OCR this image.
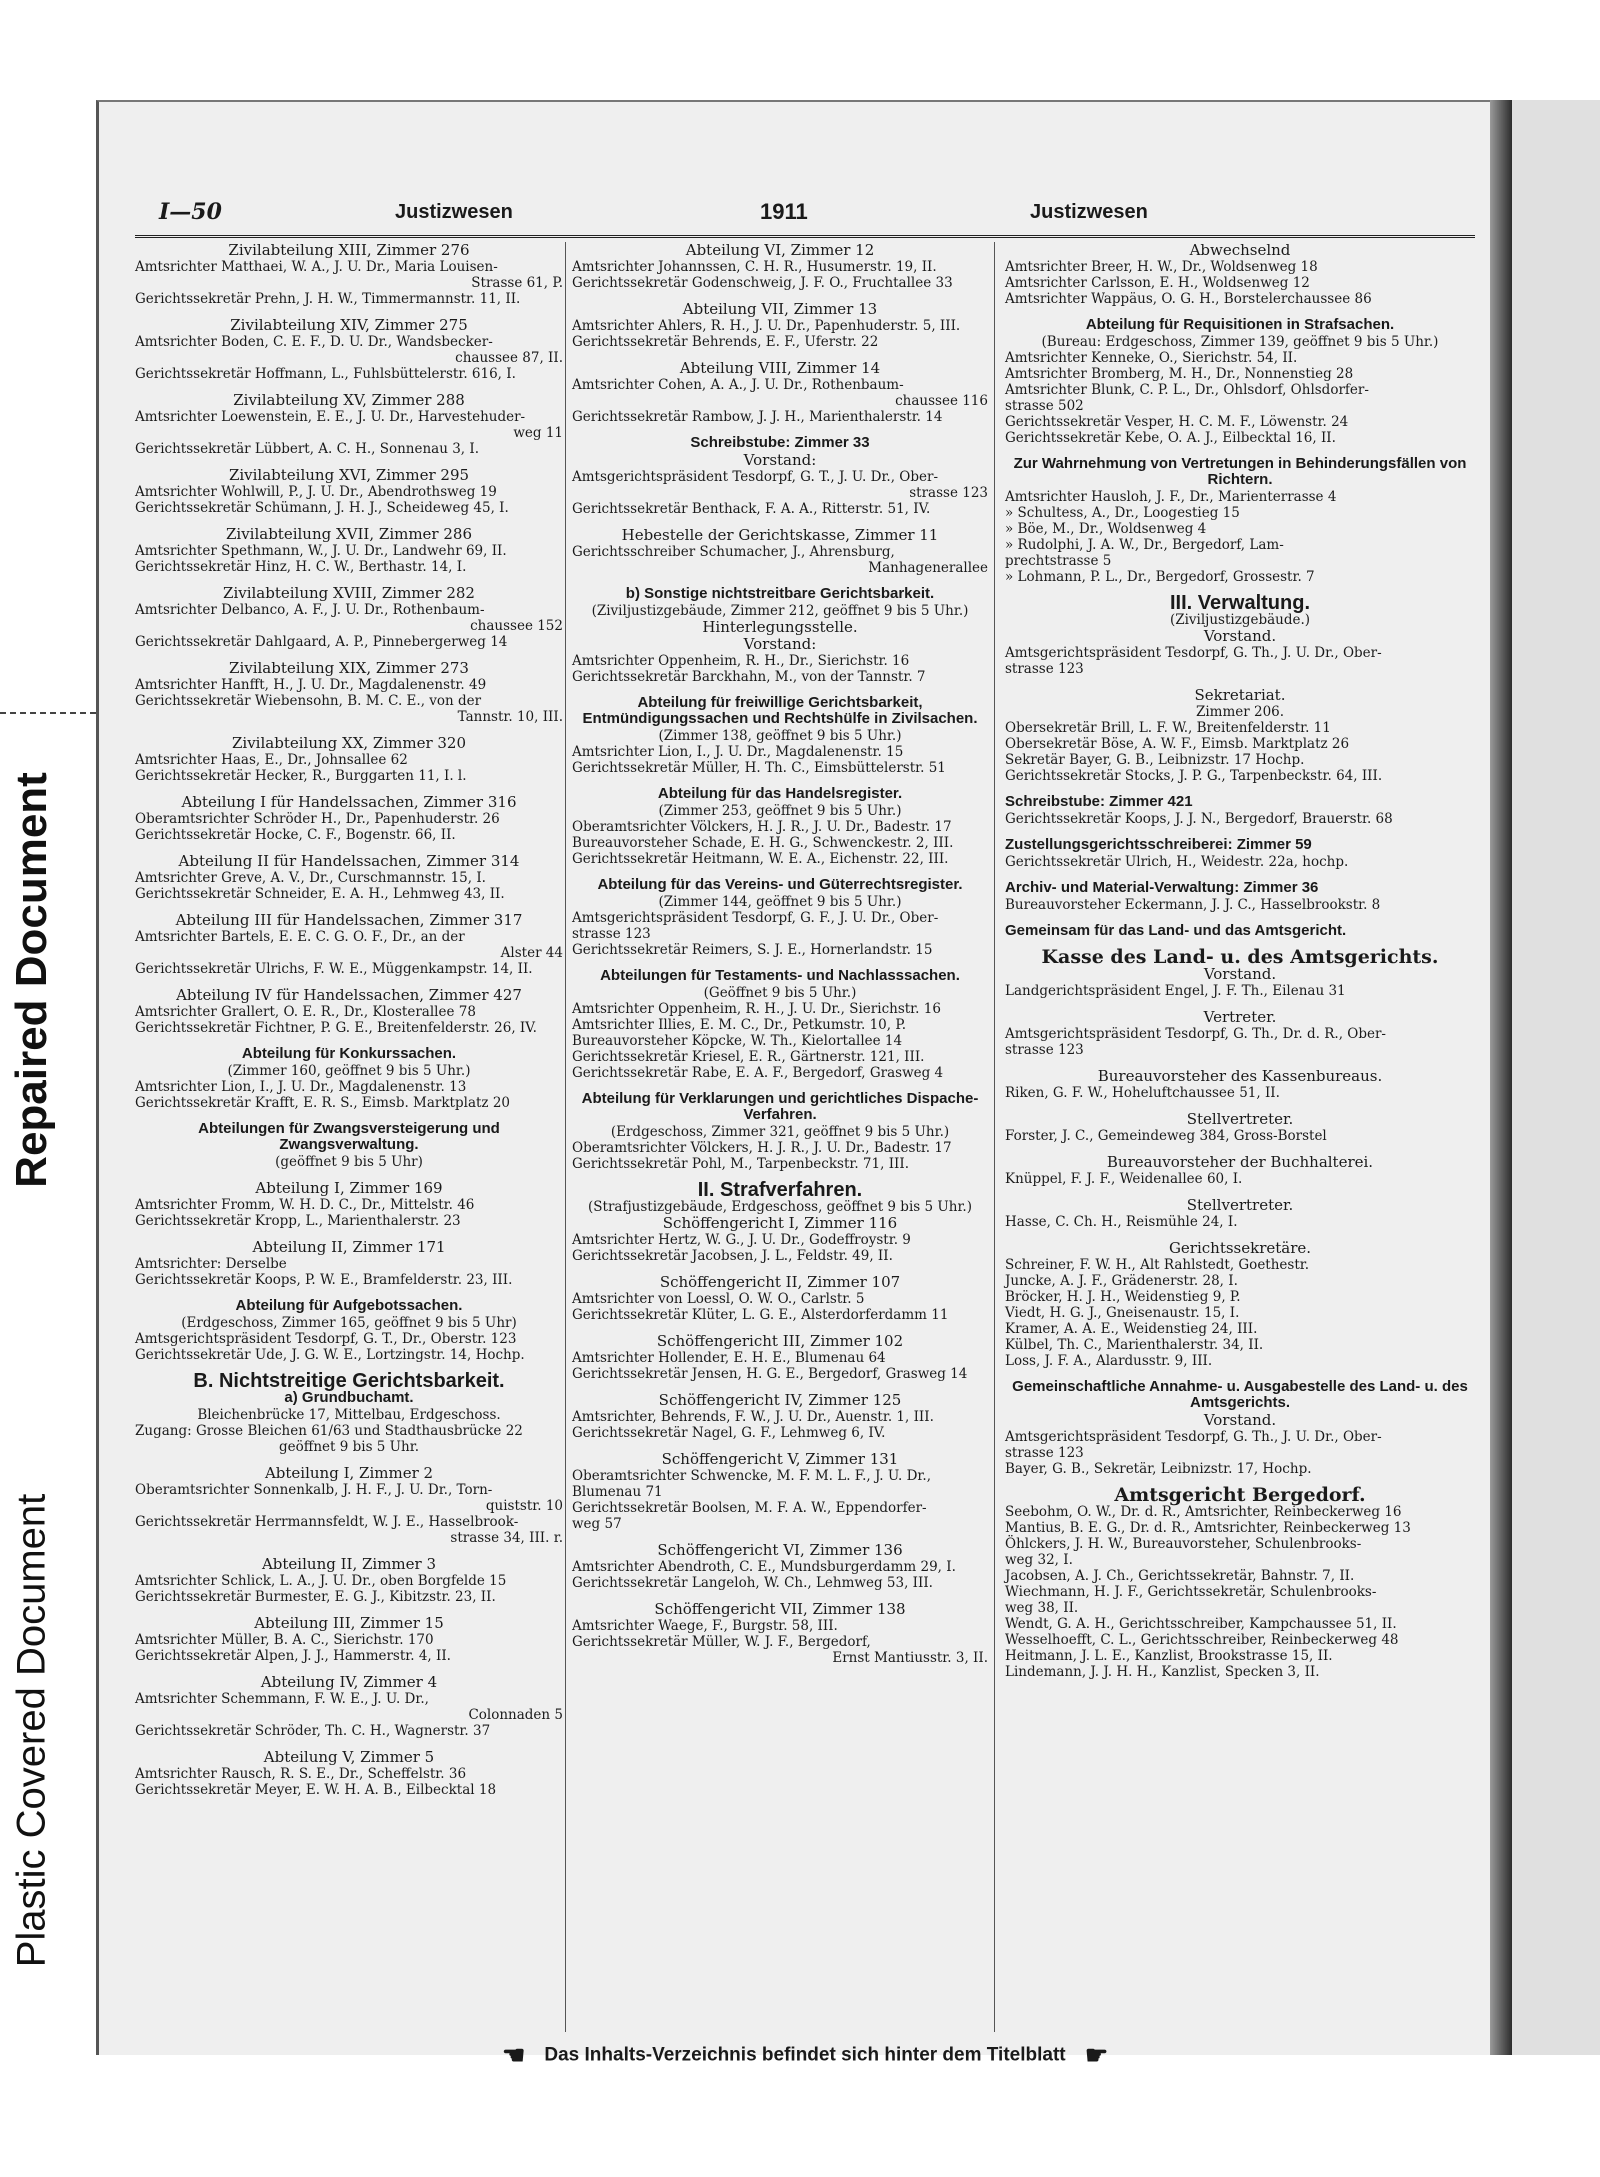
Repaired Document
Plastic Covered Document
I—50	Justizwesen	1911	Justizwesen
Zivilabteilung XIII, Zimmer 276
Amtsrichter Matthaei, W. A., J. U. Dr., Maria Louisen-
Strasse 61, P.
Gerichtssekretär Prehn, J. H. W., Timmermannstr. 11, II.
Zivilabteilung XIV, Zimmer 275
Amtsrichter Boden, C. E. F., D. U. Dr., Wandsbecker-
chaussee 87, II.
Gerichtssekretär Hoffmann, L., Fuhlsbüttelerstr. 616, I.
Zivilabteilung XV, Zimmer 288
Amtsrichter Loewenstein, E. E., J. U. Dr., Harvestehuder-
weg 11
Gerichtssekretär Lübbert, A. C. H., Sonnenau 3, I.
Zivilabteilung XVI, Zimmer 295
Amtsrichter Wohlwill, P., J. U. Dr., Abendrothsweg 19
Gerichtssekretär Schümann, J. H. J., Scheideweg 45, I.
Zivilabteilung XVII, Zimmer 286
Amtsrichter Spethmann, W., J. U. Dr., Landwehr 69, II.
Gerichtssekretär Hinz, H. C. W., Berthastr. 14, I.
Zivilabteilung XVIII, Zimmer 282
Amtsrichter Delbanco, A. F., J. U. Dr., Rothenbaum-
chaussee 152
Gerichtssekretär Dahlgaard, A. P., Pinnebergerweg 14
Zivilabteilung XIX, Zimmer 273
Amtsrichter Hanfft, H., J. U. Dr., Magdalenenstr. 49
Gerichtssekretär Wiebensohn, B. M. C. E., von der
Tannstr. 10, III.
Zivilabteilung XX, Zimmer 320
Amtsrichter Haas, E., Dr., Johnsallee 62
Gerichtssekretär Hecker, R., Burggarten 11, I. l.
Abteilung I für Handelssachen, Zimmer 316
Oberamtsrichter Schröder H., Dr., Papenhuderstr. 26
Gerichtssekretär Hocke, C. F., Bogenstr. 66, II.
Abteilung II für Handelssachen, Zimmer 314
Amtsrichter Greve, A. V., Dr., Curschmannstr. 15, I.
Gerichtssekretär Schneider, E. A. H., Lehmweg 43, II.
Abteilung III für Handelssachen, Zimmer 317
Amtsrichter Bartels, E. E. C. G. O. F., Dr., an der
Alster 44
Gerichtssekretär Ulrichs, F. W. E., Müggenkampstr. 14, II.
Abteilung IV für Handelssachen, Zimmer 427
Amtsrichter Grallert, O. E. R., Dr., Klosterallee 78
Gerichtssekretär Fichtner, P. G. E., Breitenfelderstr. 26, IV.
Abteilung für Konkurssachen.
(Zimmer 160, geöffnet 9 bis 5 Uhr.)
Amtsrichter Lion, I., J. U. Dr., Magdalenenstr. 13
Gerichtssekretär Krafft, E. R. S., Eimsb. Marktplatz 20
Abteilungen für Zwangsversteigerung und Zwangsverwaltung.
(geöffnet 9 bis 5 Uhr)
Abteilung I, Zimmer 169
Amtsrichter Fromm, W. H. D. C., Dr., Mittelstr. 46
Gerichtssekretär Kropp, L., Marienthalerstr. 23
Abteilung II, Zimmer 171
Amtsrichter: Derselbe
Gerichtssekretär Koops, P. W. E., Bramfelderstr. 23, III.
Abteilung für Aufgebotssachen.
(Erdgeschoss, Zimmer 165, geöffnet 9 bis 5 Uhr)
Amtsgerichtspräsident Tesdorpf, G. T., Dr., Oberstr. 123
Gerichtssekretär Ude, J. G. W. E., Lortzingstr. 14, Hochp.
B. Nichtstreitige Gerichtsbarkeit.
a) Grundbuchamt.
Bleichenbrücke 17, Mittelbau, Erdgeschoss.
Zugang: Grosse Bleichen 61/63 und Stadthausbrücke 22
geöffnet 9 bis 5 Uhr.
Abteilung I, Zimmer 2
Oberamtsrichter Sonnenkalb, J. H. F., J. U. Dr., Torn-
quiststr. 10
Gerichtssekretär Herrmannsfeldt, W. J. E., Hasselbrook-
strasse 34, III. r.
Abteilung II, Zimmer 3
Amtsrichter Schlick, L. A., J. U. Dr., oben Borgfelde 15
Gerichtssekretär Burmester, E. G. J., Kibitzstr. 23, II.
Abteilung III, Zimmer 15
Amtsrichter Müller, B. A. C., Sierichstr. 170
Gerichtssekretär Alpen, J. J., Hammerstr. 4, II.
Abteilung IV, Zimmer 4
Amtsrichter Schemmann, F. W. E., J. U. Dr.,
Colonnaden 5
Gerichtssekretär Schröder, Th. C. H., Wagnerstr. 37
Abteilung V, Zimmer 5
Amtsrichter Rausch, R. S. E., Dr., Scheffelstr. 36
Gerichtssekretär Meyer, E. W. H. A. B., Eilbecktal 18
Abteilung VI, Zimmer 12
Amtsrichter Johannssen, C. H. R., Husumerstr. 19, II.
Gerichtssekretär Godenschweig, J. F. O., Fruchtallee 33
Abteilung VII, Zimmer 13
Amtsrichter Ahlers, R. H., J. U. Dr., Papenhuderstr. 5, III.
Gerichtssekretär Behrends, E. F., Uferstr. 22
Abteilung VIII, Zimmer 14
Amtsrichter Cohen, A. A., J. U. Dr., Rothenbaum-
chaussee 116
Gerichtssekretär Rambow, J. J. H., Marienthalerstr. 14
Schreibstube: Zimmer 33
Vorstand:
Amtsgerichtspräsident Tesdorpf, G. T., J. U. Dr., Ober-
strasse 123
Gerichtssekretär Benthack, F. A. A., Ritterstr. 51, IV.
Hebestelle der Gerichtskasse, Zimmer 11
Gerichtsschreiber Schumacher, J., Ahrensburg,
Manhagenerallee
b) Sonstige nichtstreitbare Gerichtsbarkeit.
(Ziviljustizgebäude, Zimmer 212, geöffnet 9 bis 5 Uhr.)
Hinterlegungsstelle.
Vorstand:
Amtsrichter Oppenheim, R. H., Dr., Sierichstr. 16
Gerichtssekretär Barckhahn, M., von der Tannstr. 7
Abteilung für freiwillige Gerichtsbarkeit, Entmündigungssachen und Rechtshülfe in Zivilsachen.
(Zimmer 138, geöffnet 9 bis 5 Uhr.)
Amtsrichter Lion, I., J. U. Dr., Magdalenenstr. 15
Gerichtssekretär Müller, H. Th. C., Eimsbüttelerstr. 51
Abteilung für das Handelsregister.
(Zimmer 253, geöffnet 9 bis 5 Uhr.)
Oberamtsrichter Völckers, H. J. R., J. U. Dr., Badestr. 17
Bureauvorsteher Schade, E. H. G., Schwenckestr. 2, III.
Gerichtssekretär Heitmann, W. E. A., Eichenstr. 22, III.
Abteilung für das Vereins- und Güterrechtsregister.
(Zimmer 144, geöffnet 9 bis 5 Uhr.)
Amtsgerichtspräsident Tesdorpf, G. F., J. U. Dr., Ober-
strasse 123
Gerichtssekretär Reimers, S. J. E., Hornerlandstr. 15
Abteilungen für Testaments- und Nachlasssachen.
(Geöffnet 9 bis 5 Uhr.)
Amtsrichter Oppenheim, R. H., J. U. Dr., Sierichstr. 16
Amtsrichter Illies, E. M. C., Dr., Petkumstr. 10, P.
Bureauvorsteher Köpcke, W. Th., Kielortallee 14
Gerichtssekretär Kriesel, E. R., Gärtnerstr. 121, III.
Gerichtssekretär Rabe, E. A. F., Bergedorf, Grasweg 4
Abteilung für Verklarungen und gerichtliches Dispache-Verfahren.
(Erdgeschoss, Zimmer 321, geöffnet 9 bis 5 Uhr.)
Oberamtsrichter Völckers, H. J. R., J. U. Dr., Badestr. 17
Gerichtssekretär Pohl, M., Tarpenbeckstr. 71, III.
II. Strafverfahren.
(Strafjustizgebäude, Erdgeschoss, geöffnet 9 bis 5 Uhr.)
Schöffengericht I, Zimmer 116
Amtsrichter Hertz, W. G., J. U. Dr., Godeffroystr. 9
Gerichtssekretär Jacobsen, J. L., Feldstr. 49, II.
Schöffengericht II, Zimmer 107
Amtsrichter von Loessl, O. W. O., Carlstr. 5
Gerichtssekretär Klüter, L. G. E., Alsterdorferdamm 11
Schöffengericht III, Zimmer 102
Amtsrichter Hollender, E. H. E., Blumenau 64
Gerichtssekretär Jensen, H. G. E., Bergedorf, Grasweg 14
Schöffengericht IV, Zimmer 125
Amtsrichter, Behrends, F. W., J. U. Dr., Auenstr. 1, III.
Gerichtssekretär Nagel, G. F., Lehmweg 6, IV.
Schöffengericht V, Zimmer 131
Oberamtsrichter Schwencke, M. F. M. L. F., J. U. Dr.,
Blumenau 71
Gerichtssekretär Boolsen, M. F. A. W., Eppendorfer-
weg 57
Schöffengericht VI, Zimmer 136
Amtsrichter Abendroth, C. E., Mundsburgerdamm 29, I.
Gerichtssekretär Langeloh, W. Ch., Lehmweg 53, III.
Schöffengericht VII, Zimmer 138
Amtsrichter Waege, F., Burgstr. 58, III.
Gerichtssekretär Müller, W. J. F., Bergedorf,
Ernst Mantiusstr. 3, II.
Abwechselnd
Amtsrichter Breer, H. W., Dr., Woldsenweg 18
Amtsrichter Carlsson, E. H., Woldsenweg 12
Amtsrichter Wappäus, O. G. H., Borstelerchaussee 86
Abteilung für Requisitionen in Strafsachen.
(Bureau: Erdgeschoss, Zimmer 139, geöffnet 9 bis 5 Uhr.)
Amtsrichter Kenneke, O., Sierichstr. 54, II.
Amtsrichter Bromberg, M. H., Dr., Nonnenstieg 28
Amtsrichter Blunk, C. P. L., Dr., Ohlsdorf, Ohlsdorfer-
strasse 502
Gerichtssekretär Vesper, H. C. M. F., Löwenstr. 24
Gerichtssekretär Kebe, O. A. J., Eilbecktal 16, II.
Zur Wahrnehmung von Vertretungen in Behinderungsfällen von Richtern.
Amtsrichter Hausloh, J. F., Dr., Marienterrasse 4
» Schultess, A., Dr., Loogestieg 15
» Böe, M., Dr., Woldsenweg 4
» Rudolphi, J. A. W., Dr., Bergedorf, Lam-
prechtstrasse 5
» Lohmann, P. L., Dr., Bergedorf, Grossestr. 7
III. Verwaltung.
(Ziviljustizgebäude.)
Vorstand.
Amtsgerichtspräsident Tesdorpf, G. Th., J. U. Dr., Ober-
strasse 123
Sekretariat.
Zimmer 206.
Obersekretär Brill, L. F. W., Breitenfelderstr. 11
Obersekretär Böse, A. W. F., Eimsb. Marktplatz 26
Sekretär Bayer, G. B., Leibnizstr. 17 Hochp.
Gerichtssekretär Stocks, J. P. G., Tarpenbeckstr. 64, III.
Schreibstube: Zimmer 421
Gerichtssekretär Koops, J. J. N., Bergedorf, Brauerstr. 68
Zustellungsgerichtsschreiberei: Zimmer 59
Gerichtssekretär Ulrich, H., Weidestr. 22a, hochp.
Archiv- und Material-Verwaltung: Zimmer 36
Bureauvorsteher Eckermann, J. J. C., Hasselbrookstr. 8
Gemeinsam für das Land- und das Amtsgericht.
Kasse des Land- u. des Amtsgerichts.
Vorstand.
Landgerichtspräsident Engel, J. F. Th., Eilenau 31
Vertreter.
Amtsgerichtspräsident Tesdorpf, G. Th., Dr. d. R., Ober-
strasse 123
Bureauvorsteher des Kassenbureaus.
Riken, G. F. W., Hoheluftchaussee 51, II.
Stellvertreter.
Forster, J. C., Gemeindeweg 384, Gross-Borstel
Bureauvorsteher der Buchhalterei.
Knüppel, F. J. F., Weidenallee 60, I.
Stellvertreter.
Hasse, C. Ch. H., Reismühle 24, I.
Gerichtssekretäre.
Schreiner, F. W. H., Alt Rahlstedt, Goethestr.
Juncke, A. J. F., Grädenerstr. 28, I.
Bröcker, H. J. H., Weidenstieg 9, P.
Viedt, H. G. J., Gneisenaustr. 15, I.
Kramer, A. A. E., Weidenstieg 24, III.
Külbel, Th. C., Marienthalerstr. 34, II.
Loss, J. F. A., Alardusstr. 9, III.
Gemeinschaftliche Annahme- u. Ausgabestelle des Land- u. des Amtsgerichts.
Vorstand.
Amtsgerichtspräsident Tesdorpf, G. Th., J. U. Dr., Ober-
strasse 123
Bayer, G. B., Sekretär, Leibnizstr. 17, Hochp.
Amtsgericht Bergedorf.
Seebohm, O. W., Dr. d. R., Amtsrichter, Reinbeckerweg 16
Mantius, B. E. G., Dr. d. R., Amtsrichter, Reinbeckerweg 13
Öhlckers, J. H. W., Bureauvorsteher, Schulenbrooks-
weg 32, I.
Jacobsen, A. J. Ch., Gerichtssekretär, Bahnstr. 7, II.
Wiechmann, H. J. F., Gerichtssekretär, Schulenbrooks-
weg 38, II.
Wendt, G. A. H., Gerichtsschreiber, Kampchaussee 51, II.
Wesselhoefft, C. L., Gerichtsschreiber, Reinbeckerweg 48
Heitmann, J. L. E., Kanzlist, Brookstrasse 15, II.
Lindemann, J. J. H. H., Kanzlist, Specken 3, II.
☛ Das Inhalts-Verzeichnis befindet sich hinter dem Titelblatt ☛
